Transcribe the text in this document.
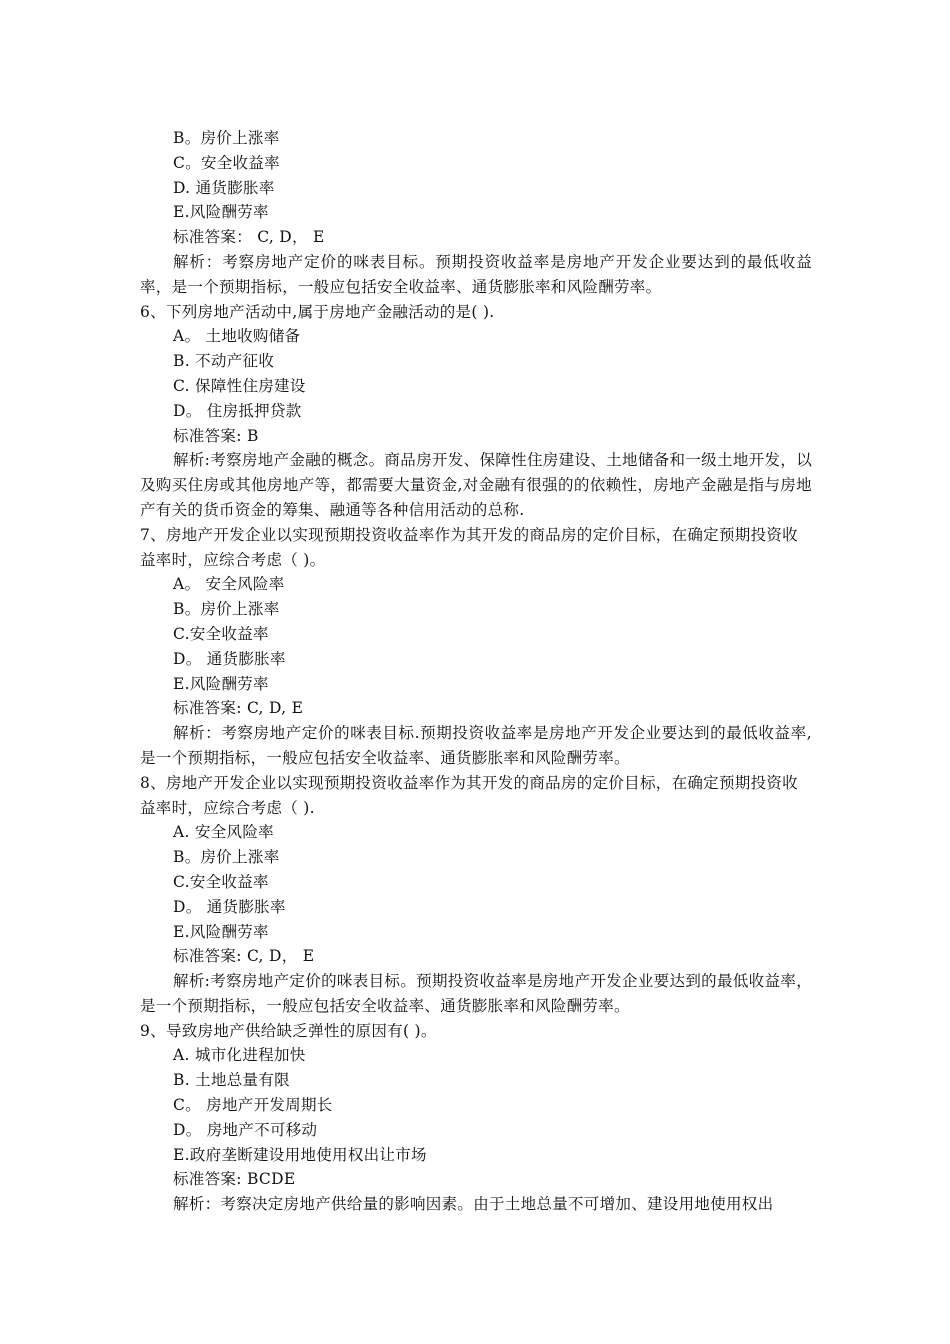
B。房价上涨率
C。安全收益率
D. 通货膨胀率
E.风险酬劳率
标准答案： C, D， E
解析：考察房地产定价的咪表目标。预期投资收益率是房地产开发企业要达到的最低收益率，是一个预期指标，一般应包括安全收益率、通货膨胀率和风险酬劳率。
6、下列房地产活动中,属于房地产金融活动的是( ).
A。 土地收购储备
B. 不动产征收
C. 保障性住房建设
D。 住房抵押贷款
标准答案: B
解析:考察房地产金融的概念。商品房开发、保障性住房建设、土地储备和一级土地开发，以及购买住房或其他房地产等，都需要大量资金,对金融有很强的的依赖性，房地产金融是指与房地产有关的货币资金的筹集、融通等各种信用活动的总称.
7、房地产开发企业以实现预期投资收益率作为其开发的商品房的定价目标，在确定预期投资收益率时，应综合考虑（ )。
A。 安全风险率
B。房价上涨率
C.安全收益率
D。 通货膨胀率
E.风险酬劳率
标准答案: C, D, E
解析：考察房地产定价的咪表目标.预期投资收益率是房地产开发企业要达到的最低收益率,是一个预期指标，一般应包括安全收益率、通货膨胀率和风险酬劳率。
8、房地产开发企业以实现预期投资收益率作为其开发的商品房的定价目标，在确定预期投资收益率时，应综合考虑（ ).
A. 安全风险率
B。房价上涨率
C.安全收益率
D。 通货膨胀率
E.风险酬劳率
标准答案: C, D， E
解析:考察房地产定价的咪表目标。预期投资收益率是房地产开发企业要达到的最低收益率，是一个预期指标，一般应包括安全收益率、通货膨胀率和风险酬劳率。
9、导致房地产供给缺乏弹性的原因有( )。
A. 城市化进程加快
B. 土地总量有限
C。 房地产开发周期长
D。 房地产不可移动
E.政府垄断建设用地使用权出让市场
标准答案: BCDE
解析：考察决定房地产供给量的影响因素。由于土地总量不可增加、建设用地使用权出
